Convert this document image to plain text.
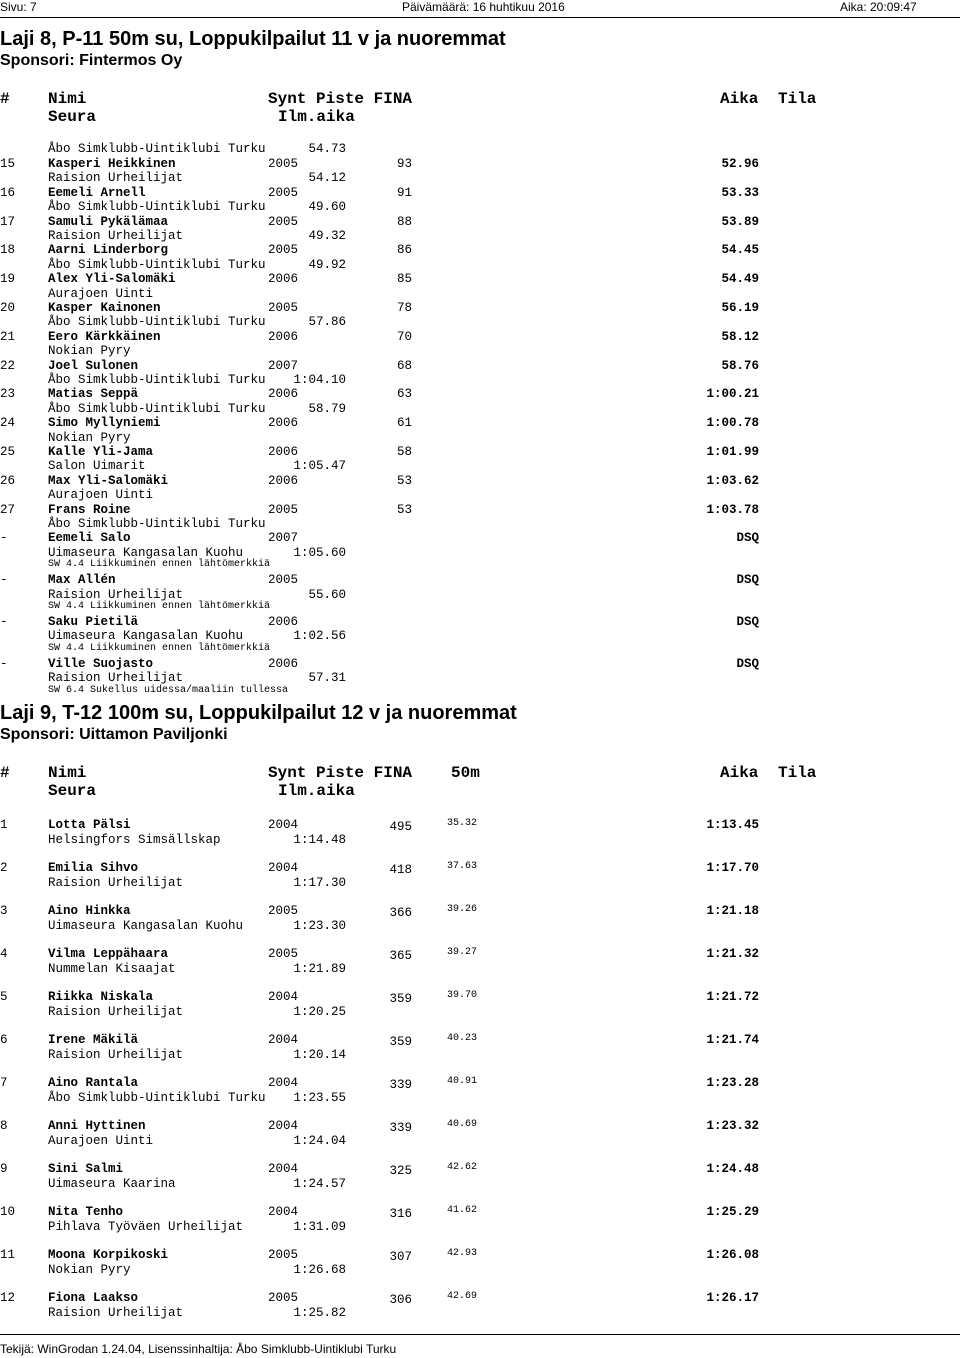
Sivu: 7	Päivämäärä: 16 huhtikuu 2016	Aika: 20:09:47
Laji 8, P-11 50m su, Loppukilpailut 11 v ja nuoremmat
Sponsori: Fintermos Oy
# Nimi	Synt Piste FINA	Aika Tila
Seura	Ilm.aika
Åbo Simklubb-Uintiklubi Turku	54.73
15	Kasperi Heikkinen	2005	93	52.96
Raision Urheilijat	54.12
16	Eemeli Arnell	2005	91	53.33
Åbo Simklubb-Uintiklubi Turku	49.60
17	Samuli Pykälämaa	2005	88	53.89
Raision Urheilijat	49.32
18	Aarni Linderborg	2005	86	54.45
Åbo Simklubb-Uintiklubi Turku	49.92
19	Alex Yli-Salomäki	2006	85	54.49
Aurajoen Uinti
20	Kasper Kainonen	2005	78	56.19
Åbo Simklubb-Uintiklubi Turku	57.86
21	Eero Kärkkäinen	2006	70	58.12
Nokian Pyry
22	Joel Sulonen	2007	68	58.76
Åbo Simklubb-Uintiklubi Turku	1:04.10
23	Matias Seppä	2006	63	1:00.21
Åbo Simklubb-Uintiklubi Turku	58.79
24	Simo Myllyniemi	2006	61	1:00.78
Nokian Pyry
25	Kalle Yli-Jama	2006	58	1:01.99
Salon Uimarit	1:05.47
26	Max Yli-Salomäki	2006	53	1:03.62
Aurajoen Uinti
27	Frans Roine	2005	53	1:03.78
Åbo Simklubb-Uintiklubi Turku
-	Eemeli Salo	2007	DSQ
Uimaseura Kangasalan Kuohu	1:05.60
SW 4.4 Liikkuminen ennen lähtömerkkiä
-	Max Allén	2005	DSQ
Raision Urheilijat	55.60
SW 4.4 Liikkuminen ennen lähtömerkkiä
-	Saku Pietilä	2006	DSQ
Uimaseura Kangasalan Kuohu	1:02.56
SW 4.4 Liikkuminen ennen lähtömerkkiä
-	Ville Suojasto	2006	DSQ
Raision Urheilijat	57.31
SW 6.4 Sukellus uidessa/maaliin tullessa
Laji 9, T-12 100m su, Loppukilpailut 12 v ja nuoremmat
Sponsori: Uittamon Paviljonki
# Nimi	Synt Piste FINA 50m	Aika Tila
Seura	Ilm.aika
1	Lotta Pälsi	2004	495	35.32	1:13.45
Helsingfors Simsällskap	1:14.48
2	Emilia Sihvo	2004	418	37.63	1:17.70
Raision Urheilijat	1:17.30
3	Aino Hinkka	2005	366	39.26	1:21.18
Uimaseura Kangasalan Kuohu	1:23.30
4	Vilma Leppähaara	2005	365	39.27	1:21.32
Nummelan Kisaajat	1:21.89
5	Riikka Niskala	2004	359	39.70	1:21.72
Raision Urheilijat	1:20.25
6	Irene Mäkilä	2004	359	40.23	1:21.74
Raision Urheilijat	1:20.14
7	Aino Rantala	2004	339	40.91	1:23.28
Åbo Simklubb-Uintiklubi Turku	1:23.55
8	Anni Hyttinen	2004	339	40.69	1:23.32
Aurajoen Uinti	1:24.04
9	Sini Salmi	2004	325	42.62	1:24.48
Uimaseura Kaarina	1:24.57
10	Nita Tenho	2004	316	41.62	1:25.29
Pihlava Työväen Urheilijat	1:31.09
11	Moona Korpikoski	2005	307	42.93	1:26.08
Nokian Pyry	1:26.68
12	Fiona Laakso	2005	306	42.69	1:26.17
Raision Urheilijat	1:25.82
Tekijä: WinGrodan 1.24.04, Lisenssinhaltija: Åbo Simklubb-Uintiklubi Turku
